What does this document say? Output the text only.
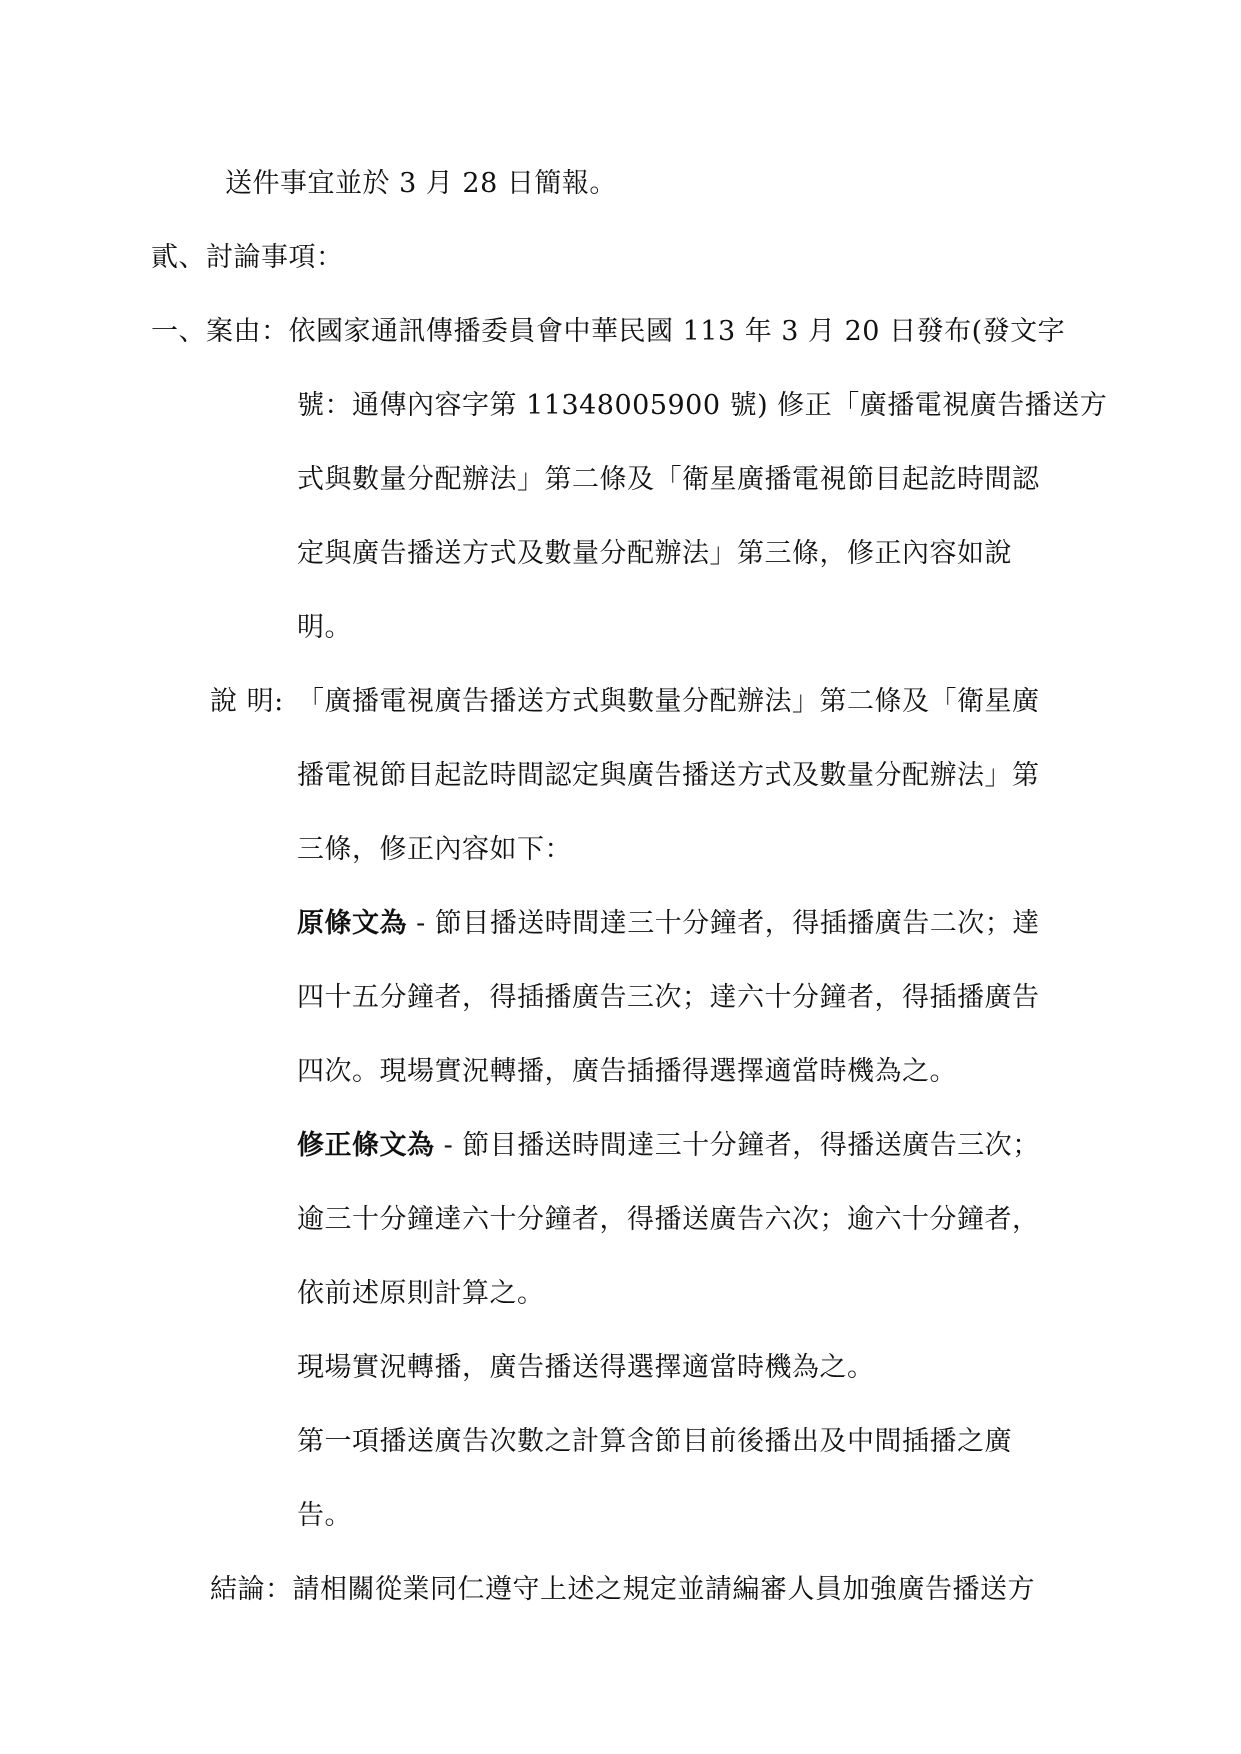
送件事宜並於 3 月 28 日簡報。
貳、討論事項：
一、案由：依國家通訊傳播委員會中華民國 113 年 3 月 20 日發布(發文字
號：通傳內容字第 11348005900 號) 修正「廣播電視廣告播送方
式與數量分配辦法」第二條及「衛星廣播電視節目起訖時間認
定與廣告播送方式及數量分配辦法」第三條，修正內容如說
明。
說 明: 「廣播電視廣告播送方式與數量分配辦法」第二條及「衛星廣
播電視節目起訖時間認定與廣告播送方式及數量分配辦法」第
三條，修正內容如下：
原條文為 - 節目播送時間達三十分鐘者，得插播廣告二次；達
四十五分鐘者，得插播廣告三次；達六十分鐘者，得插播廣告
四次。現場實況轉播，廣告插播得選擇適當時機為之。
修正條文為 - 節目播送時間達三十分鐘者，得播送廣告三次；
逾三十分鐘達六十分鐘者，得播送廣告六次；逾六十分鐘者，
依前述原則計算之。
現場實況轉播，廣告播送得選擇適當時機為之。
第一項播送廣告次數之計算含節目前後播出及中間插播之廣
告。
結論：請相關從業同仁遵守上述之規定並請編審人員加強廣告播送方
